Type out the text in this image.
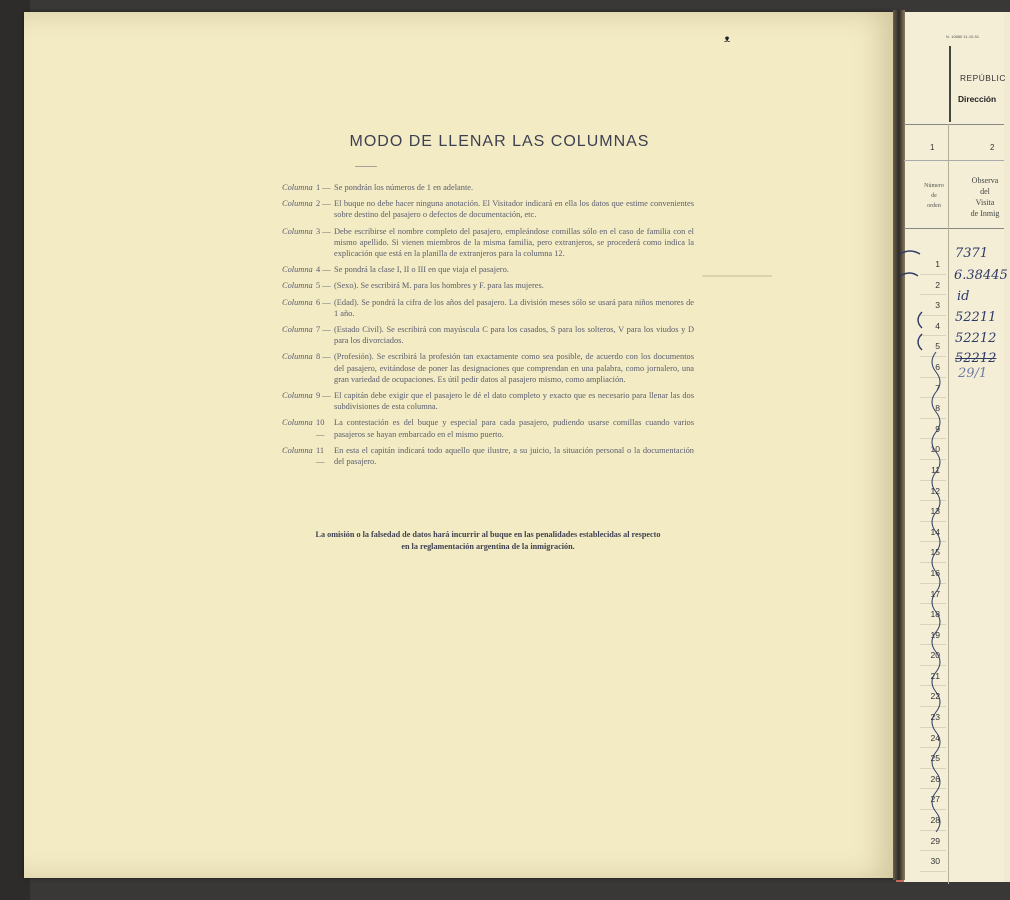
ᴥ
MODO DE LLENAR LAS COLUMNAS
Columna 1 — Se pondrán los números de 1 en adelante.
Columna 2 — El buque no debe hacer ninguna anotación. El Visitador indicará en ella los datos que estime convenientes sobre destino del pasajero o defectos de documentación, etc.
Columna 3 — Debe escribirse el nombre completo del pasajero, empleándose comillas sólo en el caso de familia con el mismo apellido. Si vienen miembros de la misma familia, pero extranjeros, se procederá como indica la explicación que está en la planilla de extranjeros para la columna 12.
Columna 4 — Se pondrá la clase I, II o III en que viaja el pasajero.
Columna 5 — (Sexo). Se escribirá M. para los hombres y F. para las mujeres.
Columna 6 — (Edad). Se pondrá la cifra de los años del pasajero. La división meses sólo se usará para niños menores de 1 año.
Columna 7 — (Estado Civil). Se escribirá con mayúscula C para los casados, S para los solteros, V para los viudos y D para los divorciados.
Columna 8 — (Profesión). Se escribirá la profesión tan exactamente como sea posible, de acuerdo con los documentos del pasajero, evitándose de poner las designaciones que comprendan en una palabra, como jornalero, una gran variedad de ocupaciones. Es útil pedir datos al pasajero mismo, como ampliación.
Columna 9 — El capitán debe exigir que el pasajero le dé el dato completo y exacto que es necesario para llenar las dos subdivisiones de esta columna.
Columna 10 —
La contestación es del buque y especial para cada pasajero, pudiendo usarse comillas cuando varios pasajeros se hayan embarcado en el mismo puerto.
Columna 11 —
En esta el capitán indicará todo aquello que ilustre, a su juicio, la situación personal o la documentación del pasajero.
La omisión o la falsedad de datos hará incurrir al buque en las penalidades establecidas al respecto
en la reglamentación argentina de la inmigración.
N. 10880 11-10-51
REPÚBLIC
Dirección
1	2
Número
de
orden
Observa
del
Visita
de Inmig
1
2
3
4
5
6
7
8
9
10
11
12
13
14
15
16
17
18
19
20
21
22
23
24
25
26
27
28
29
30
7371
6.38445
id
52211
52212
52212
29/1
